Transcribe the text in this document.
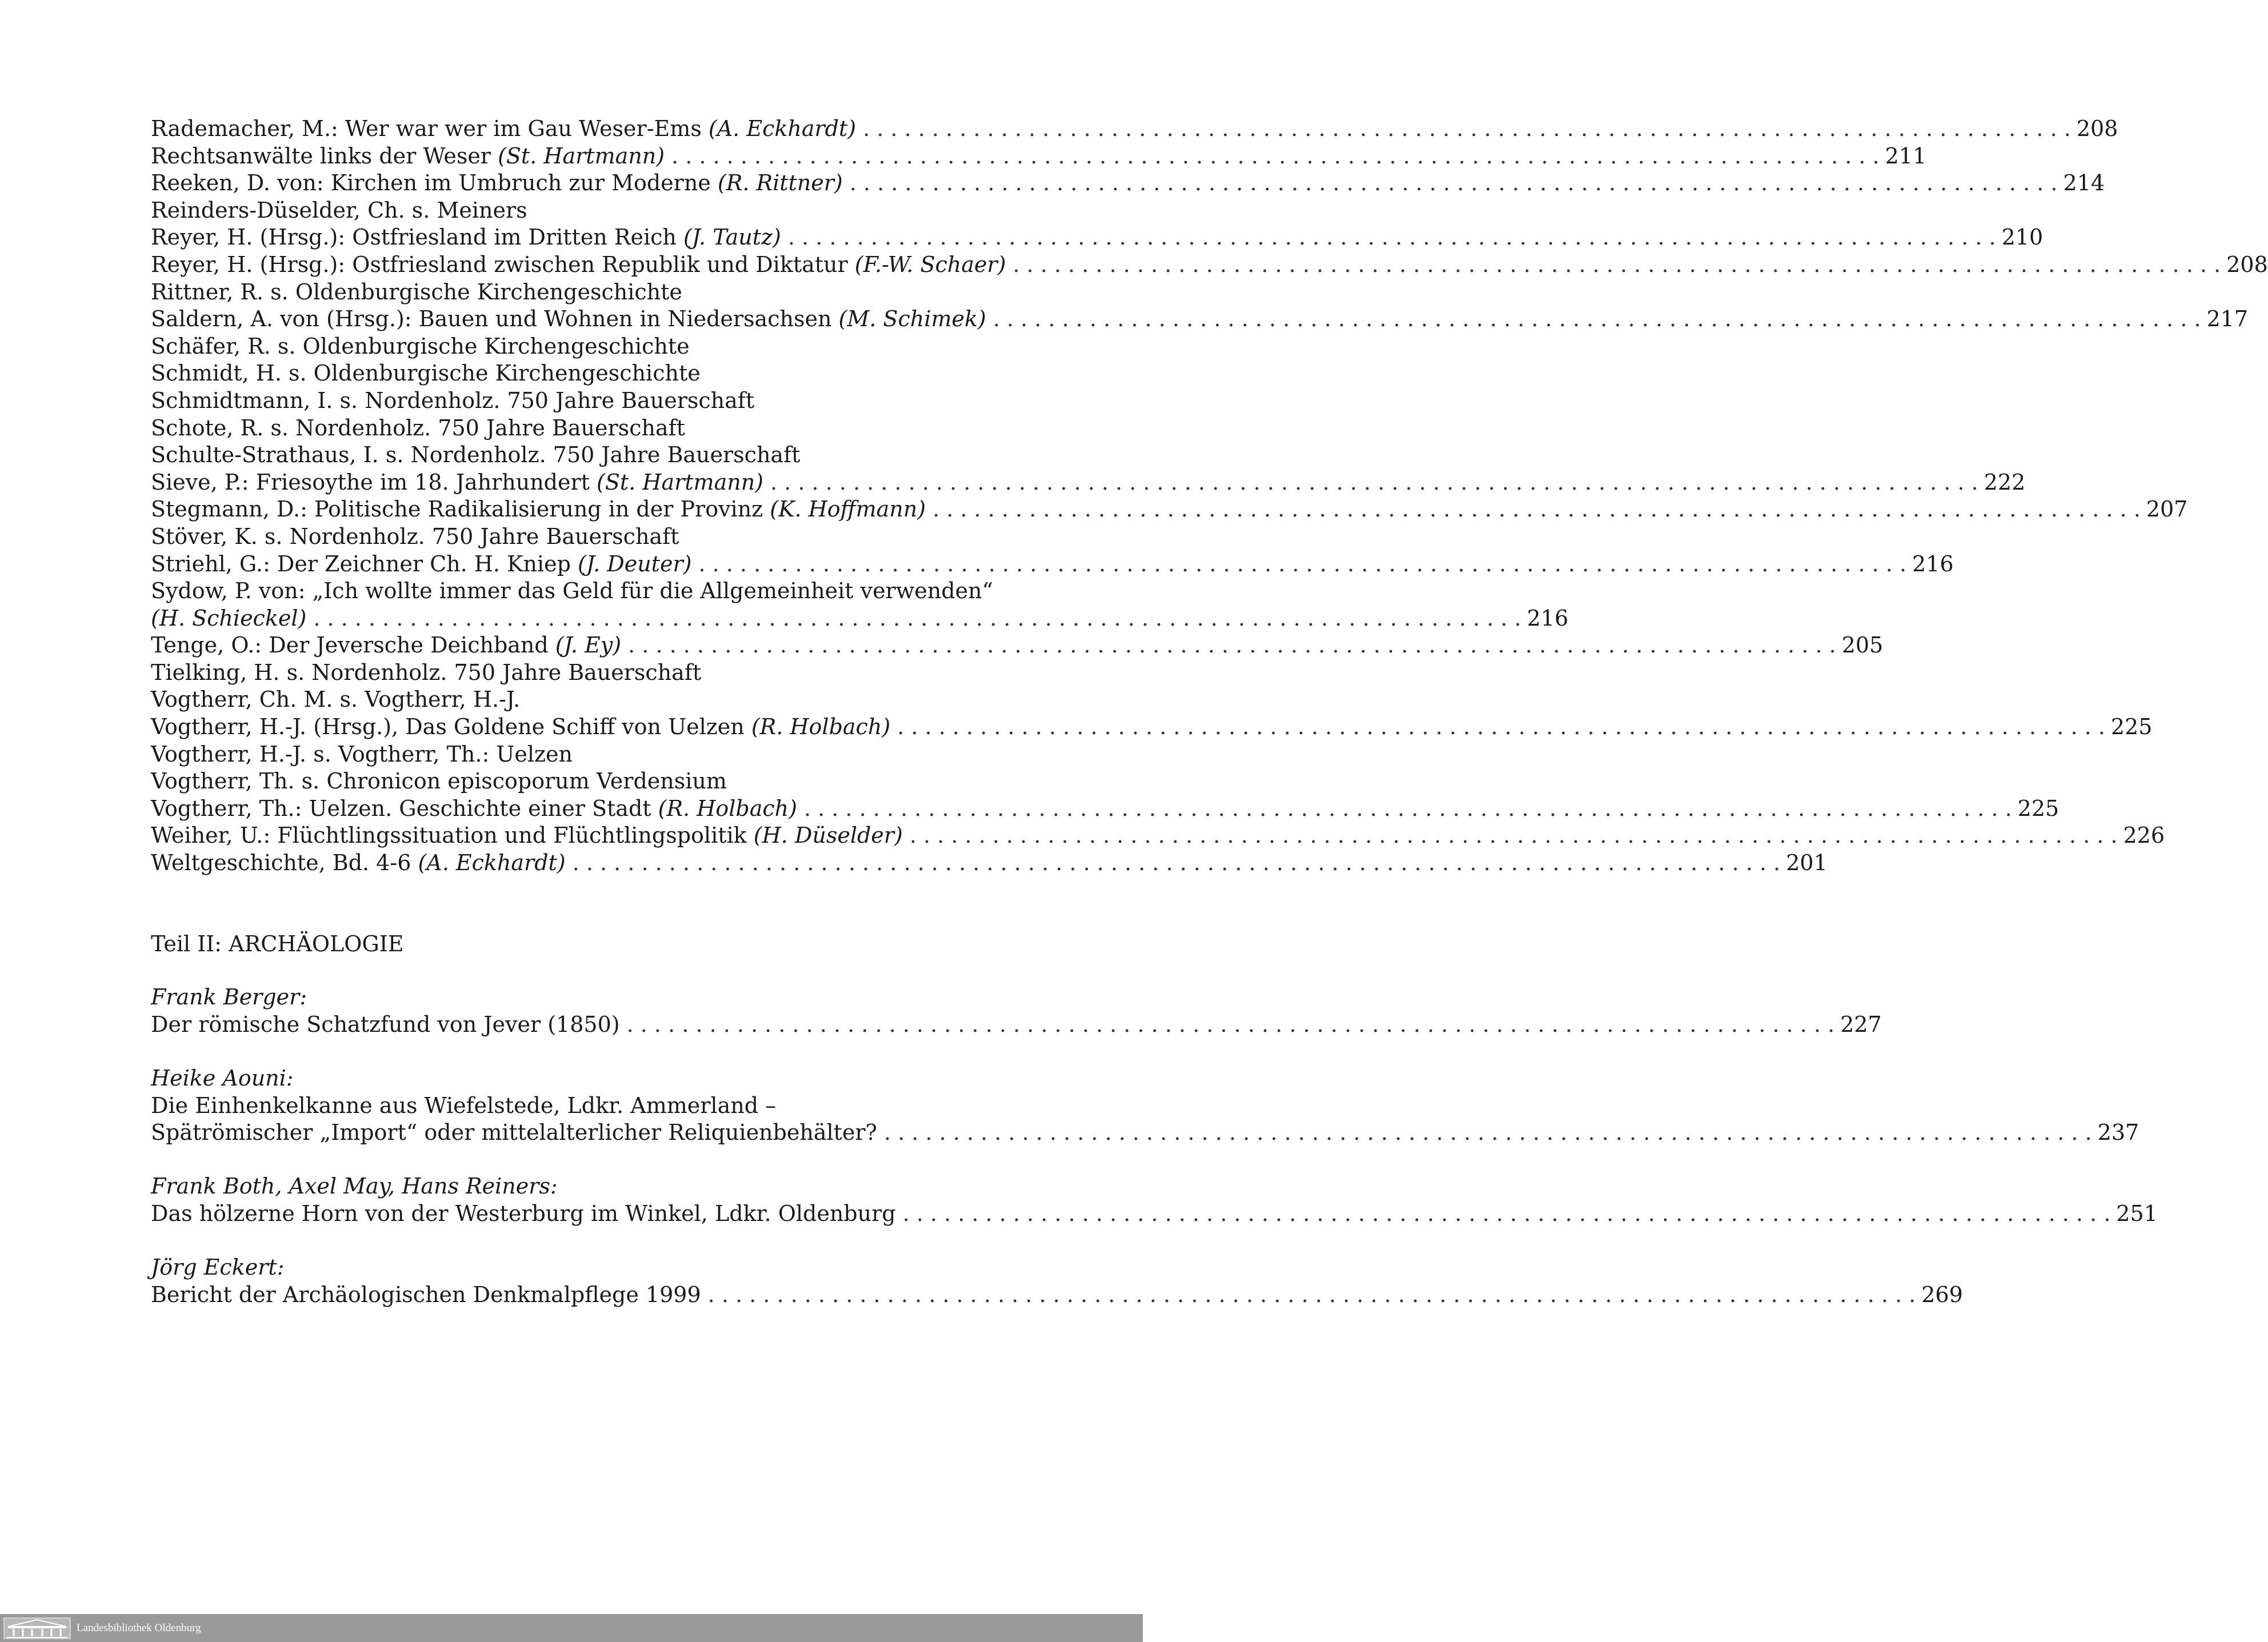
Rademacher, M.: Wer war wer im Gau Weser-Ems (A. Eckhardt) . . .	208
Rechtsanwälte links der Weser (St. Hartmann) . . .	211
Reeken, D. von: Kirchen im Umbruch zur Moderne (R. Rittner) . . .	214
Reinders-Düselder, Ch. s. Meiners
Reyer, H. (Hrsg.): Ostfriesland im Dritten Reich (J. Tautz) . . .	210
Reyer, H. (Hrsg.): Ostfriesland zwischen Republik und Diktatur (F.-W. Schaer) . . .	208
Rittner, R. s. Oldenburgische Kirchengeschichte
Saldern, A. von (Hrsg.): Bauen und Wohnen in Niedersachsen (M. Schimek) . . .	217
Schäfer, R. s. Oldenburgische Kirchengeschichte
Schmidt, H. s. Oldenburgische Kirchengeschichte
Schmidtmann, I. s. Nordenholz. 750 Jahre Bauerschaft
Schote, R. s. Nordenholz. 750 Jahre Bauerschaft
Schulte-Strathaus, I. s. Nordenholz. 750 Jahre Bauerschaft
Sieve, P.: Friesoythe im 18. Jahrhundert (St. Hartmann) . . .	222
Stegmann, D.: Politische Radikalisierung in der Provinz (K. Hoffmann) . . .	207
Stöver, K. s. Nordenholz. 750 Jahre Bauerschaft
Striehl, G.: Der Zeichner Ch. H. Kniep (J. Deuter) . . .	216
Sydow, P. von: „Ich wollte immer das Geld für die Allgemeinheit verwenden“
(H. Schieckel) . . .	216
Tenge, O.: Der Jeversche Deichband (J. Ey) . . .	205
Tielking, H. s. Nordenholz. 750 Jahre Bauerschaft
Vogtherr, Ch. M. s. Vogtherr, H.-J.
Vogtherr, H.-J. (Hrsg.), Das Goldene Schiff von Uelzen (R. Holbach) . . .	225
Vogtherr, H.-J. s. Vogtherr, Th.: Uelzen
Vogtherr, Th. s. Chronicon episcoporum Verdensium
Vogtherr, Th.: Uelzen. Geschichte einer Stadt (R. Holbach) . . .	225
Weiher, U.: Flüchtlingssituation und Flüchtlingspolitik (H. Düselder) . . .	226
Weltgeschichte, Bd. 4-6 (A. Eckhardt) . . .	201
Teil II: ARCHÄOLOGIE
Frank Berger:
Der römische Schatzfund von Jever (1850) . . .	227
Heike Aouni:
Die Einhenkelkanne aus Wiefelstede, Ldkr. Ammerland –
Spätrömischer „Import“ oder mittelalterlicher Reliquienbehälter? . . .	237
Frank Both, Axel May, Hans Reiners:
Das hölzerne Horn von der Westerburg im Winkel, Ldkr. Oldenburg . . .	251
Jörg Eckert:
Bericht der Archäologischen Denkmalpflege 1999 . . .	269
Landesbibliothek Oldenburg
